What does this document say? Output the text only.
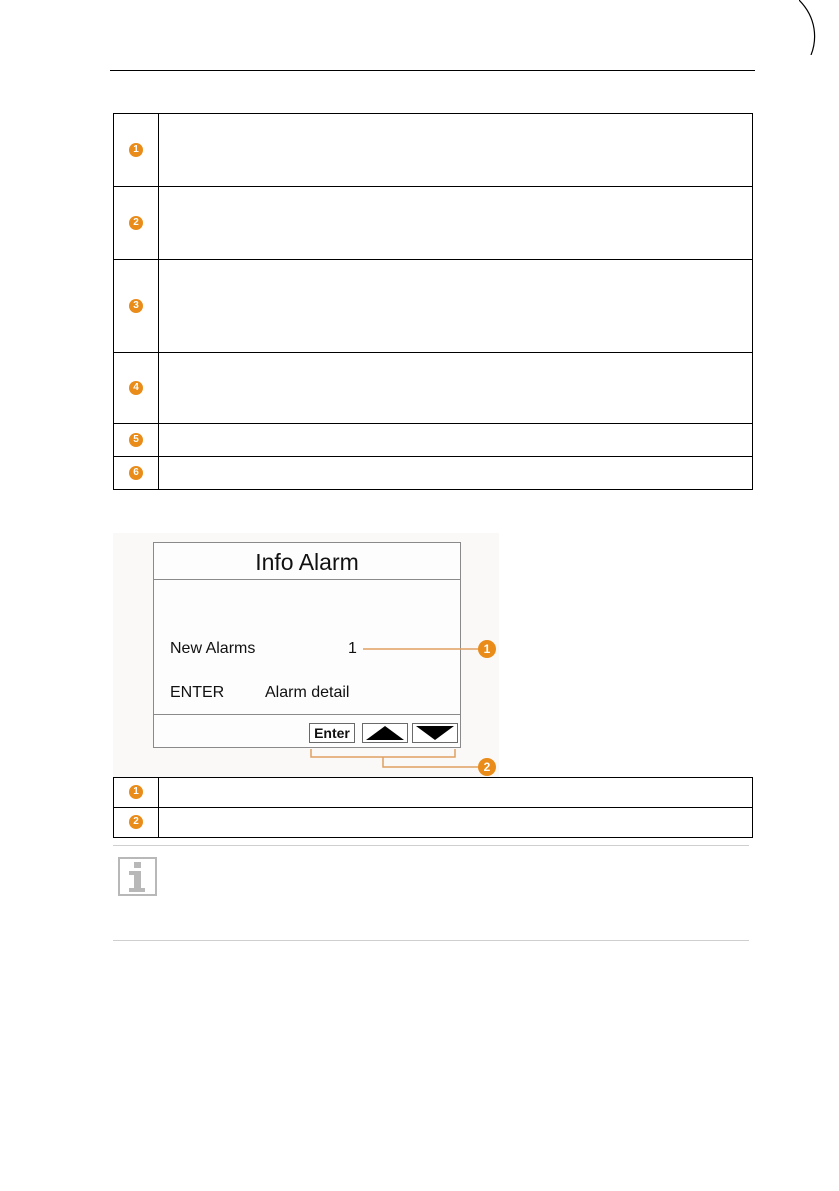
1	
2	
3	
4	
5	
6	
Info Alarm
New Alarms	1
ENTER	Alarm detail
Enter
1
2
1	
2	
